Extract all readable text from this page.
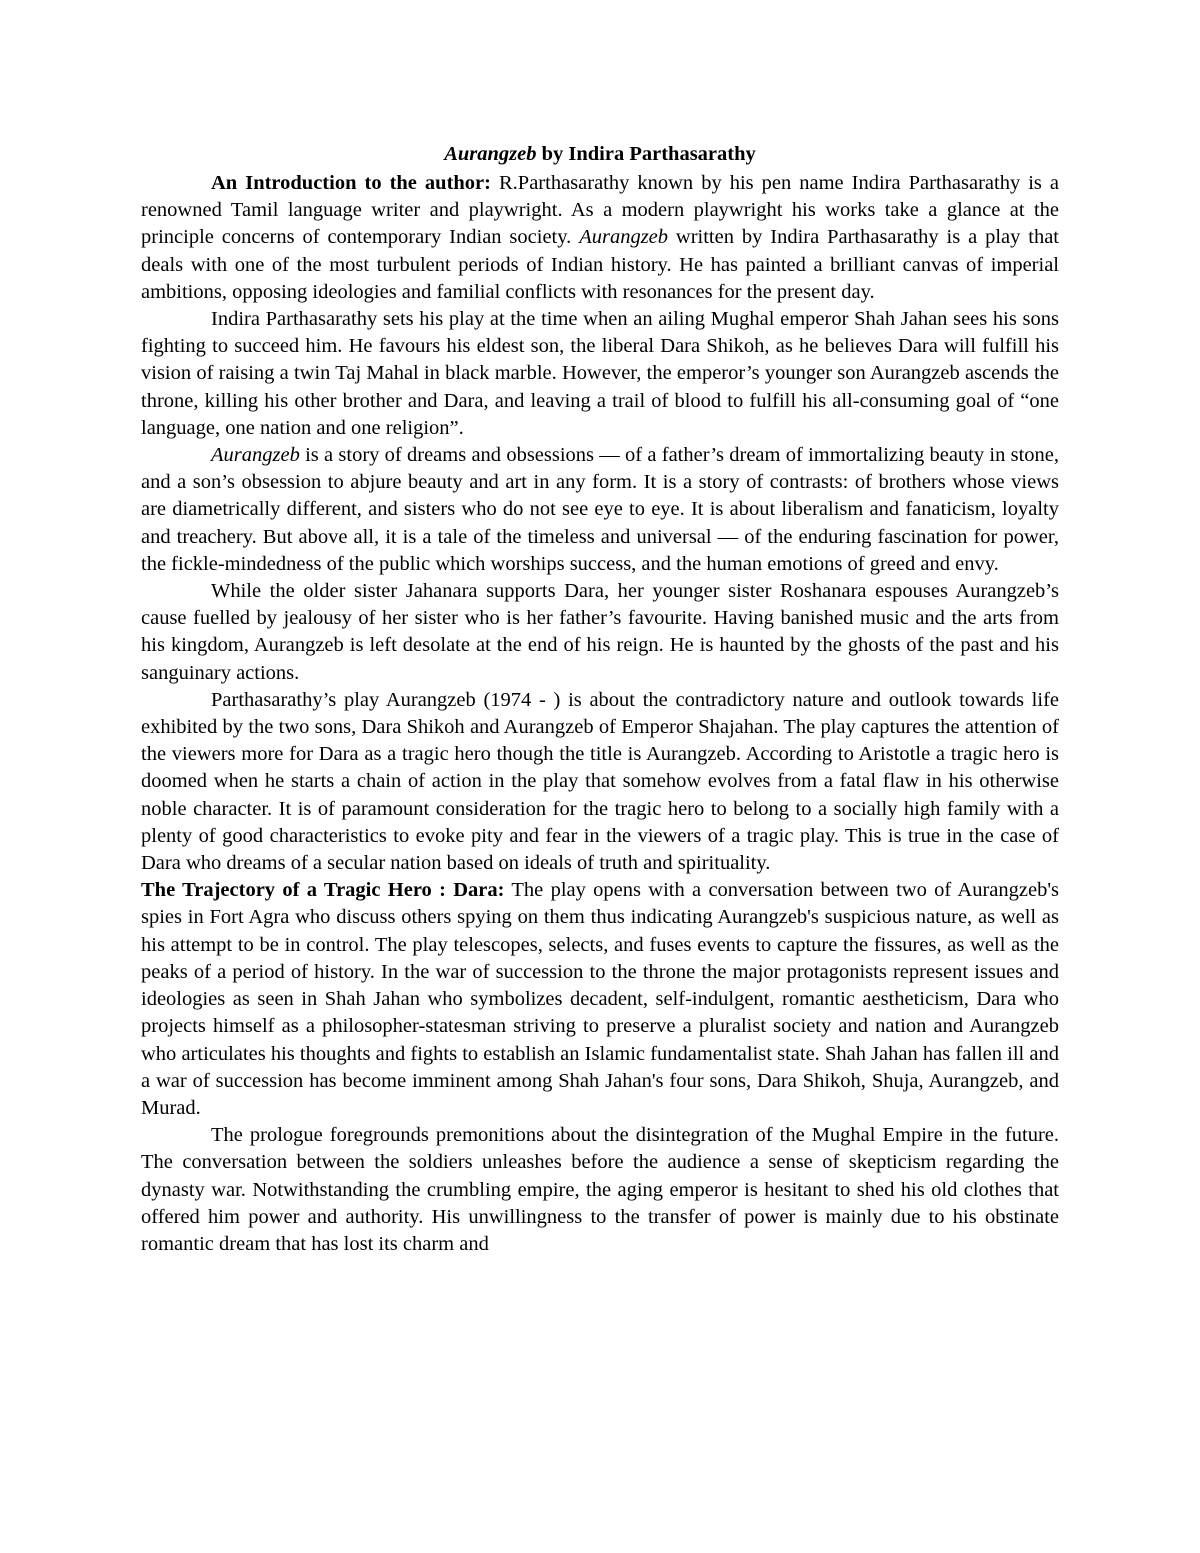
Aurangzeb by Indira Parthasarathy

An Introduction to the author: R.Parthasarathy known by his pen name Indira Parthasarathy is a renowned Tamil language writer and playwright. As a modern playwright his works take a glance at the principle concerns of contemporary Indian society. Aurangzeb written by Indira Parthasarathy is a play that deals with one of the most turbulent periods of Indian history. He has painted a brilliant canvas of imperial ambitions, opposing ideologies and familial conflicts with resonances for the present day.

Indira Parthasarathy sets his play at the time when an ailing Mughal emperor Shah Jahan sees his sons fighting to succeed him. He favours his eldest son, the liberal Dara Shikoh, as he believes Dara will fulfill his vision of raising a twin Taj Mahal in black marble. However, the emperor’s younger son Aurangzeb ascends the throne, killing his other brother and Dara, and leaving a trail of blood to fulfill his all-consuming goal of “one language, one nation and one religion”.

Aurangzeb is a story of dreams and obsessions — of a father’s dream of immortalizing beauty in stone, and a son’s obsession to abjure beauty and art in any form. It is a story of contrasts: of brothers whose views are diametrically different, and sisters who do not see eye to eye. It is about liberalism and fanaticism, loyalty and treachery. But above all, it is a tale of the timeless and universal — of the enduring fascination for power, the fickle-mindedness of the public which worships success, and the human emotions of greed and envy.

While the older sister Jahanara supports Dara, her younger sister Roshanara espouses Aurangzeb’s cause fuelled by jealousy of her sister who is her father’s favourite. Having banished music and the arts from his kingdom, Aurangzeb is left desolate at the end of his reign. He is haunted by the ghosts of the past and his sanguinary actions.

Parthasarathy’s play Aurangzeb (1974 - ) is about the contradictory nature and outlook towards life exhibited by the two sons, Dara Shikoh and Aurangzeb of Emperor Shajahan. The play captures the attention of the viewers more for Dara as a tragic hero though the title is Aurangzeb. According to Aristotle a tragic hero is doomed when he starts a chain of action in the play that somehow evolves from a fatal flaw in his otherwise noble character. It is of paramount consideration for the tragic hero to belong to a socially high family with a plenty of good characteristics to evoke pity and fear in the viewers of a tragic play. This is true in the case of Dara who dreams of a secular nation based on ideals of truth and spirituality.

The Trajectory of a Tragic Hero : Dara: The play opens with a conversation between two of Aurangzeb's spies in Fort Agra who discuss others spying on them thus indicating Aurangzeb's suspicious nature, as well as his attempt to be in control. The play telescopes, selects, and fuses events to capture the fissures, as well as the peaks of a period of history. In the war of succession to the throne the major protagonists represent issues and ideologies as seen in Shah Jahan who symbolizes decadent, self-indulgent, romantic aestheticism, Dara who projects himself as a philosopher-statesman striving to preserve a pluralist society and nation and Aurangzeb who articulates his thoughts and fights to establish an Islamic fundamentalist state. Shah Jahan has fallen ill and a war of succession has become imminent among Shah Jahan's four sons, Dara Shikoh, Shuja, Aurangzeb, and Murad.

The prologue foregrounds premonitions about the disintegration of the Mughal Empire in the future. The conversation between the soldiers unleashes before the audience a sense of skepticism regarding the dynasty war. Notwithstanding the crumbling empire, the aging emperor is hesitant to shed his old clothes that offered him power and authority. His unwillingness to the transfer of power is mainly due to his obstinate romantic dream that has lost its charm and
